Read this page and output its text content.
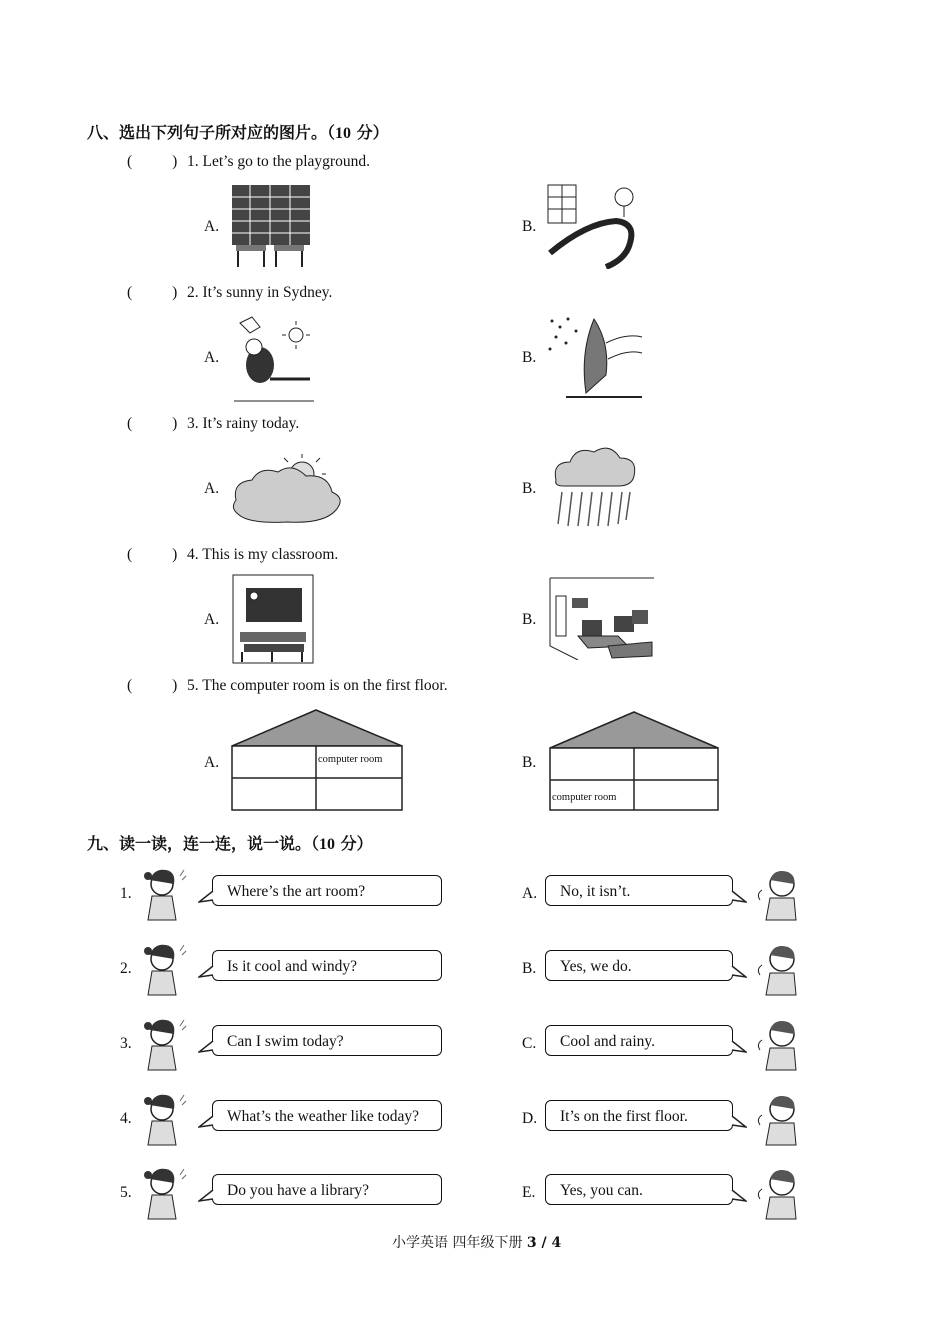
八、选出下列句子所对应的图片。（10 分）
(	) 1. Let’s go to the playground.
A.	B.
(	) 2. It’s sunny in Sydney.
A.	B.
(	) 3. It’s rainy today.
A.	B.
(	) 4. This is my classroom.
A.	B.
(	) 5. The computer room is on the first floor.
A.	B.
computer room
computer room
九、读一读，连一连，说一说。（10 分）
1.	Where’s the art room?	A.	No, it isn’t.
2.	Is it cool and windy?	B.	Yes, we do.
3.	Can I swim today?	C.	Cool and rainy.
4.	What’s the weather like today?	D.	It’s on the first floor.
5.	Do you have a library?	E.	Yes, you can.
小学英语 四年级下册 3 / 4
